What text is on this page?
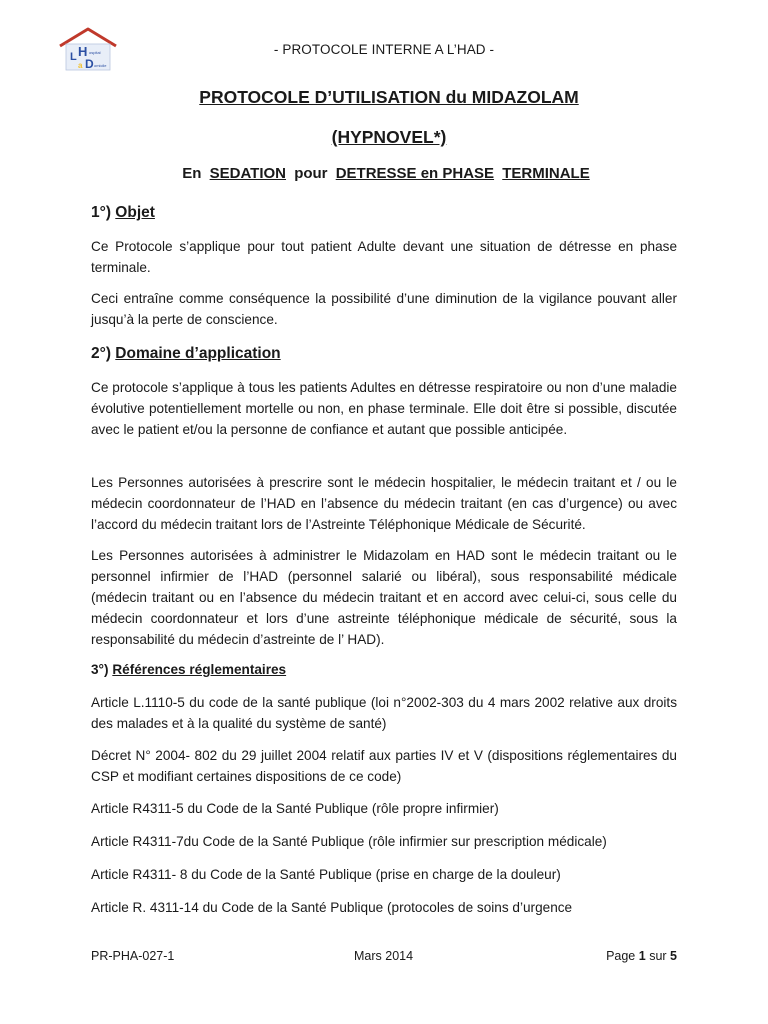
L H
a D
ospital
omicile
- PROTOCOLE INTERNE A L’HAD -
PROTOCOLE D’UTILISATION du MIDAZOLAM
(HYPNOVEL*)
En SEDATION pour DETRESSE en PHASE TERMINALE
1°) Objet
Ce Protocole s’applique pour tout patient Adulte devant une situation de détresse en phase terminale.
Ceci entraîne comme conséquence la possibilité d’une diminution de la vigilance pouvant aller jusqu’à la perte de conscience.
2°) Domaine d’application
Ce protocole s’applique à tous les patients Adultes en détresse respiratoire ou non d’une maladie évolutive potentiellement mortelle ou non, en phase terminale. Elle doit être si possible, discutée avec le patient et/ou la personne de confiance et autant que possible anticipée.
Les Personnes autorisées à prescrire sont le médecin hospitalier, le médecin traitant et / ou le médecin coordonnateur de l’HAD en l’absence du médecin traitant (en cas d’urgence) ou avec l’accord du médecin traitant lors de l’Astreinte Téléphonique Médicale de Sécurité.
Les Personnes autorisées à administrer le Midazolam en HAD sont le médecin traitant ou le personnel infirmier de l’HAD (personnel salarié ou libéral), sous responsabilité médicale (médecin traitant ou en l’absence du médecin traitant et en accord avec celui-ci, sous celle du médecin coordonnateur et lors d’une astreinte téléphonique médicale de sécurité, sous la responsabilité du médecin d’astreinte de l’ HAD).
3°) Références réglementaires
Article L.1110-5 du code de la santé publique (loi n°2002-303 du 4 mars 2002 relative aux droits des malades et à la qualité du système de santé)
Décret N° 2004- 802 du 29 juillet 2004 relatif aux parties IV et V (dispositions réglementaires du CSP et modifiant certaines dispositions de ce code)
Article R4311-5 du Code de la Santé Publique (rôle propre infirmier)
Article R4311-7du Code de la Santé Publique (rôle infirmier sur prescription médicale)
Article R4311- 8 du Code de la Santé Publique (prise en charge de la douleur)
Article R. 4311-14 du Code de la Santé Publique (protocoles de soins d’urgence
PR-PHA-027-1	Mars 2014	Page 1 sur 5
